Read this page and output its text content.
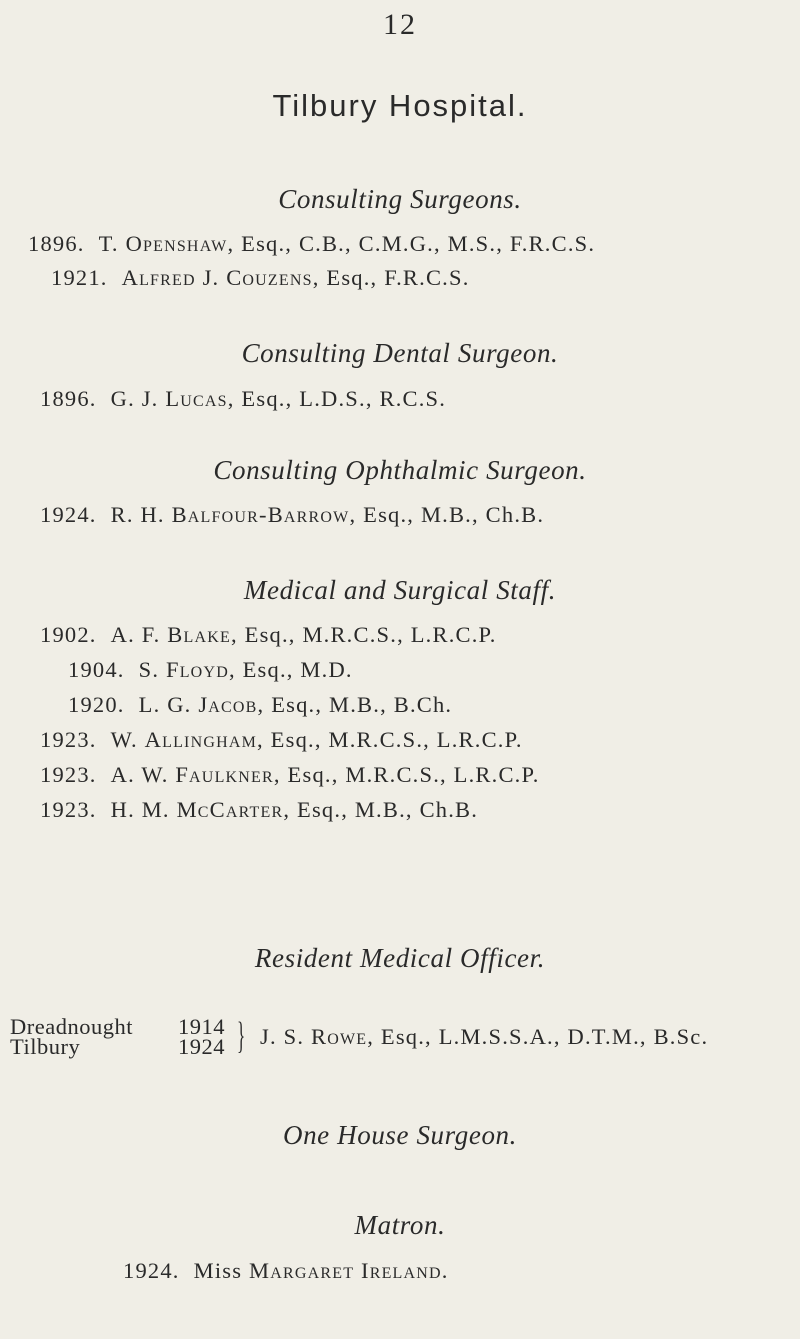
12
Tilbury Hospital.
Consulting Surgeons.
1896. T. Openshaw, Esq., C.B., C.M.G., M.S., F.R.C.S.
1921. Alfred J. Couzens, Esq., F.R.C.S.
Consulting Dental Surgeon.
1896. G. J. Lucas, Esq., L.D.S., R.C.S.
Consulting Ophthalmic Surgeon.
1924. R. H. Balfour-Barrow, Esq., M.B., Ch.B.
Medical and Surgical Staff.
1902. A. F. Blake, Esq., M.R.C.S., L.R.C.P.
1904. S. Floyd, Esq., M.D.
1920. L. G. Jacob, Esq., M.B., B.Ch.
1923. W. Allingham, Esq., M.R.C.S., L.R.C.P.
1923. A. W. Faulkner, Esq., M.R.C.S., L.R.C.P.
1923. H. M. McCarter, Esq., M.B., Ch.B.
Resident Medical Officer.
Dreadnought	1914
Tilbury	1924 } J. S. Rowe, Esq., L.M.S.S.A., D.T.M., B.Sc.
One House Surgeon.
Matron.
1924. Miss Margaret Ireland.
